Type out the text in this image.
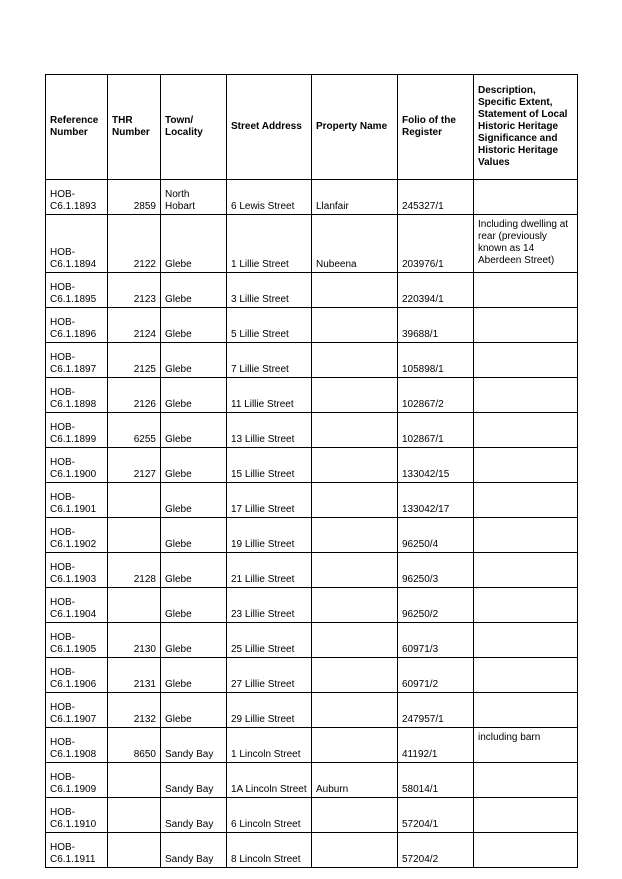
Reference Number	THR Number	Town/ Locality	Street Address	Property Name	Folio of the Register	Description, Specific Extent, Statement of Local Historic Heritage Significance and Historic Heritage Values
HOB-C6.1.1893	2859	North Hobart	6 Lewis Street	Llanfair	245327/1	
HOB-C6.1.1894	2122	Glebe	1 Lillie Street	Nubeena	203976/1	Including dwelling at rear (previously known as 14 Aberdeen Street)
HOB-C6.1.1895	2123	Glebe	3 Lillie Street		220394/1	
HOB-C6.1.1896	2124	Glebe	5 Lillie Street		39688/1	
HOB-C6.1.1897	2125	Glebe	7 Lillie Street		105898/1	
HOB-C6.1.1898	2126	Glebe	11 Lillie Street		102867/2	
HOB-C6.1.1899	6255	Glebe	13 Lillie Street		102867/1	
HOB-C6.1.1900	2127	Glebe	15 Lillie Street		133042/15	
HOB-C6.1.1901		Glebe	17 Lillie Street		133042/17	
HOB-C6.1.1902		Glebe	19 Lillie Street		96250/4	
HOB-C6.1.1903	2128	Glebe	21 Lillie Street		96250/3	
HOB-C6.1.1904		Glebe	23 Lillie Street		96250/2	
HOB-C6.1.1905	2130	Glebe	25 Lillie Street		60971/3	
HOB-C6.1.1906	2131	Glebe	27 Lillie Street		60971/2	
HOB-C6.1.1907	2132	Glebe	29 Lillie Street		247957/1	
HOB-C6.1.1908	8650	Sandy Bay	1 Lincoln Street		41192/1	including barn
HOB-C6.1.1909		Sandy Bay	1A Lincoln Street	Auburn	58014/1	
HOB-C6.1.1910		Sandy Bay	6 Lincoln Street		57204/1	
HOB-C6.1.1911		Sandy Bay	8 Lincoln Street		57204/2	
